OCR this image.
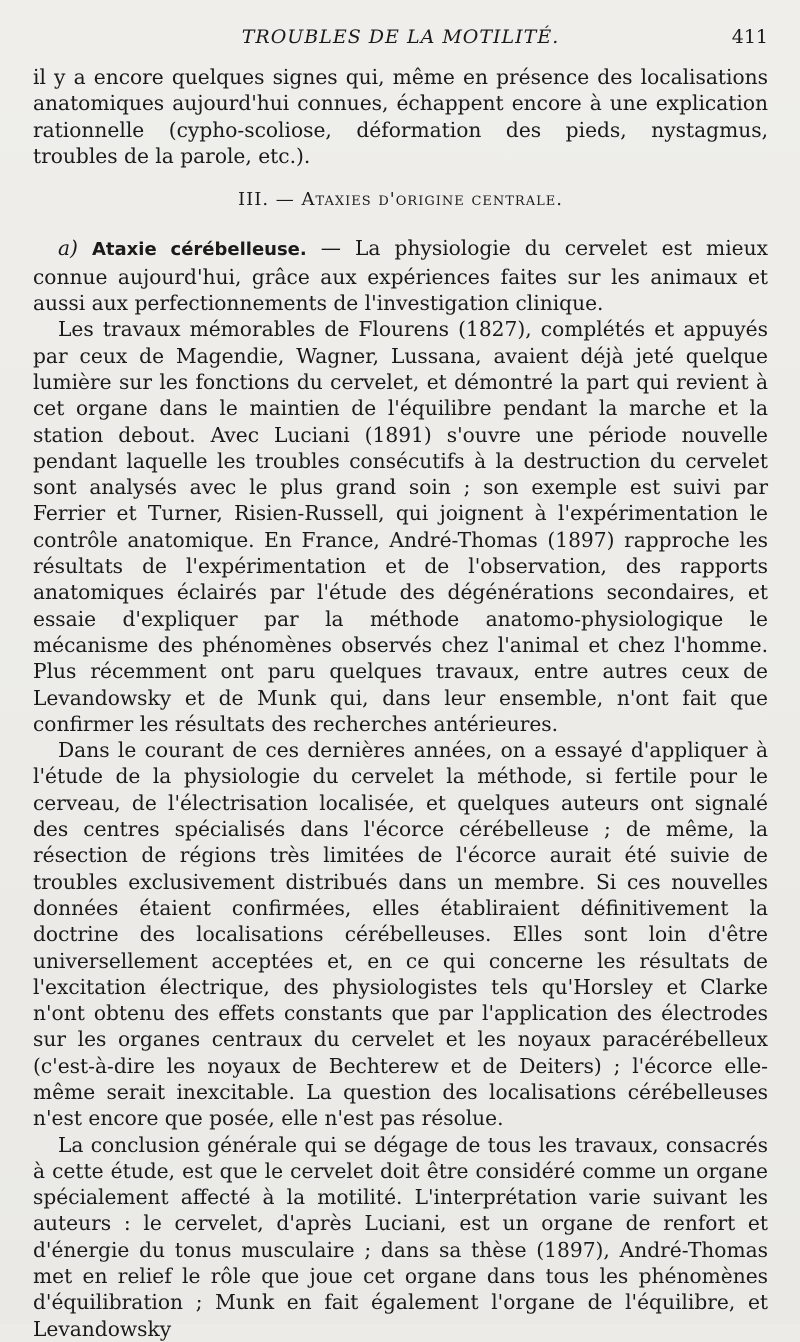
TROUBLES DE LA MOTILITÉ.	411

il y a encore quelques signes qui, même en présence des localisations anatomiques aujourd'hui connues, échappent encore à une explication rationnelle (cypho-scoliose, déformation des pieds, nystagmus, troubles de la parole, etc.).

III. — Ataxies d'origine centrale.

a) Ataxie cérébelleuse. — La physiologie du cervelet est mieux connue aujourd'hui, grâce aux expériences faites sur les animaux et aussi aux perfectionnements de l'investigation clinique.

Les travaux mémorables de Flourens (1827), complétés et appuyés par ceux de Magendie, Wagner, Lussana, avaient déjà jeté quelque lumière sur les fonctions du cervelet, et démontré la part qui revient à cet organe dans le maintien de l'équilibre pendant la marche et la station debout. Avec Luciani (1891) s'ouvre une période nouvelle pendant laquelle les troubles consécutifs à la destruction du cervelet sont analysés avec le plus grand soin ; son exemple est suivi par Ferrier et Turner, Risien-Russell, qui joignent à l'expérimentation le contrôle anatomique. En France, André-Thomas (1897) rapproche les résultats de l'expérimentation et de l'observation, des rapports anatomiques éclairés par l'étude des dégénérations secondaires, et essaie d'expliquer par la méthode anatomo-physiologique le mécanisme des phénomènes observés chez l'animal et chez l'homme. Plus récemment ont paru quelques travaux, entre autres ceux de Levandowsky et de Munk qui, dans leur ensemble, n'ont fait que confirmer les résultats des recherches antérieures.

Dans le courant de ces dernières années, on a essayé d'appliquer à l'étude de la physiologie du cervelet la méthode, si fertile pour le cerveau, de l'électrisation localisée, et quelques auteurs ont signalé des centres spécialisés dans l'écorce cérébelleuse ; de même, la résection de régions très limitées de l'écorce aurait été suivie de troubles exclusivement distribués dans un membre. Si ces nouvelles données étaient confirmées, elles établiraient définitivement la doctrine des localisations cérébelleuses. Elles sont loin d'être universellement acceptées et, en ce qui concerne les résultats de l'excitation électrique, des physiologistes tels qu'Horsley et Clarke n'ont obtenu des effets constants que par l'application des électrodes sur les organes centraux du cervelet et les noyaux paracérébelleux (c'est-à-dire les noyaux de Bechterew et de Deiters) ; l'écorce elle-même serait inexcitable. La question des localisations cérébelleuses n'est encore que posée, elle n'est pas résolue.

La conclusion générale qui se dégage de tous les travaux, consacrés à cette étude, est que le cervelet doit être considéré comme un organe spécialement affecté à la motilité. L'interprétation varie suivant les auteurs : le cervelet, d'après Luciani, est un organe de renfort et d'énergie du tonus musculaire ; dans sa thèse (1897), André-Thomas met en relief le rôle que joue cet organe dans tous les phénomènes d'équilibration ; Munk en fait également l'organe de l'équilibre, et Levandowsky
